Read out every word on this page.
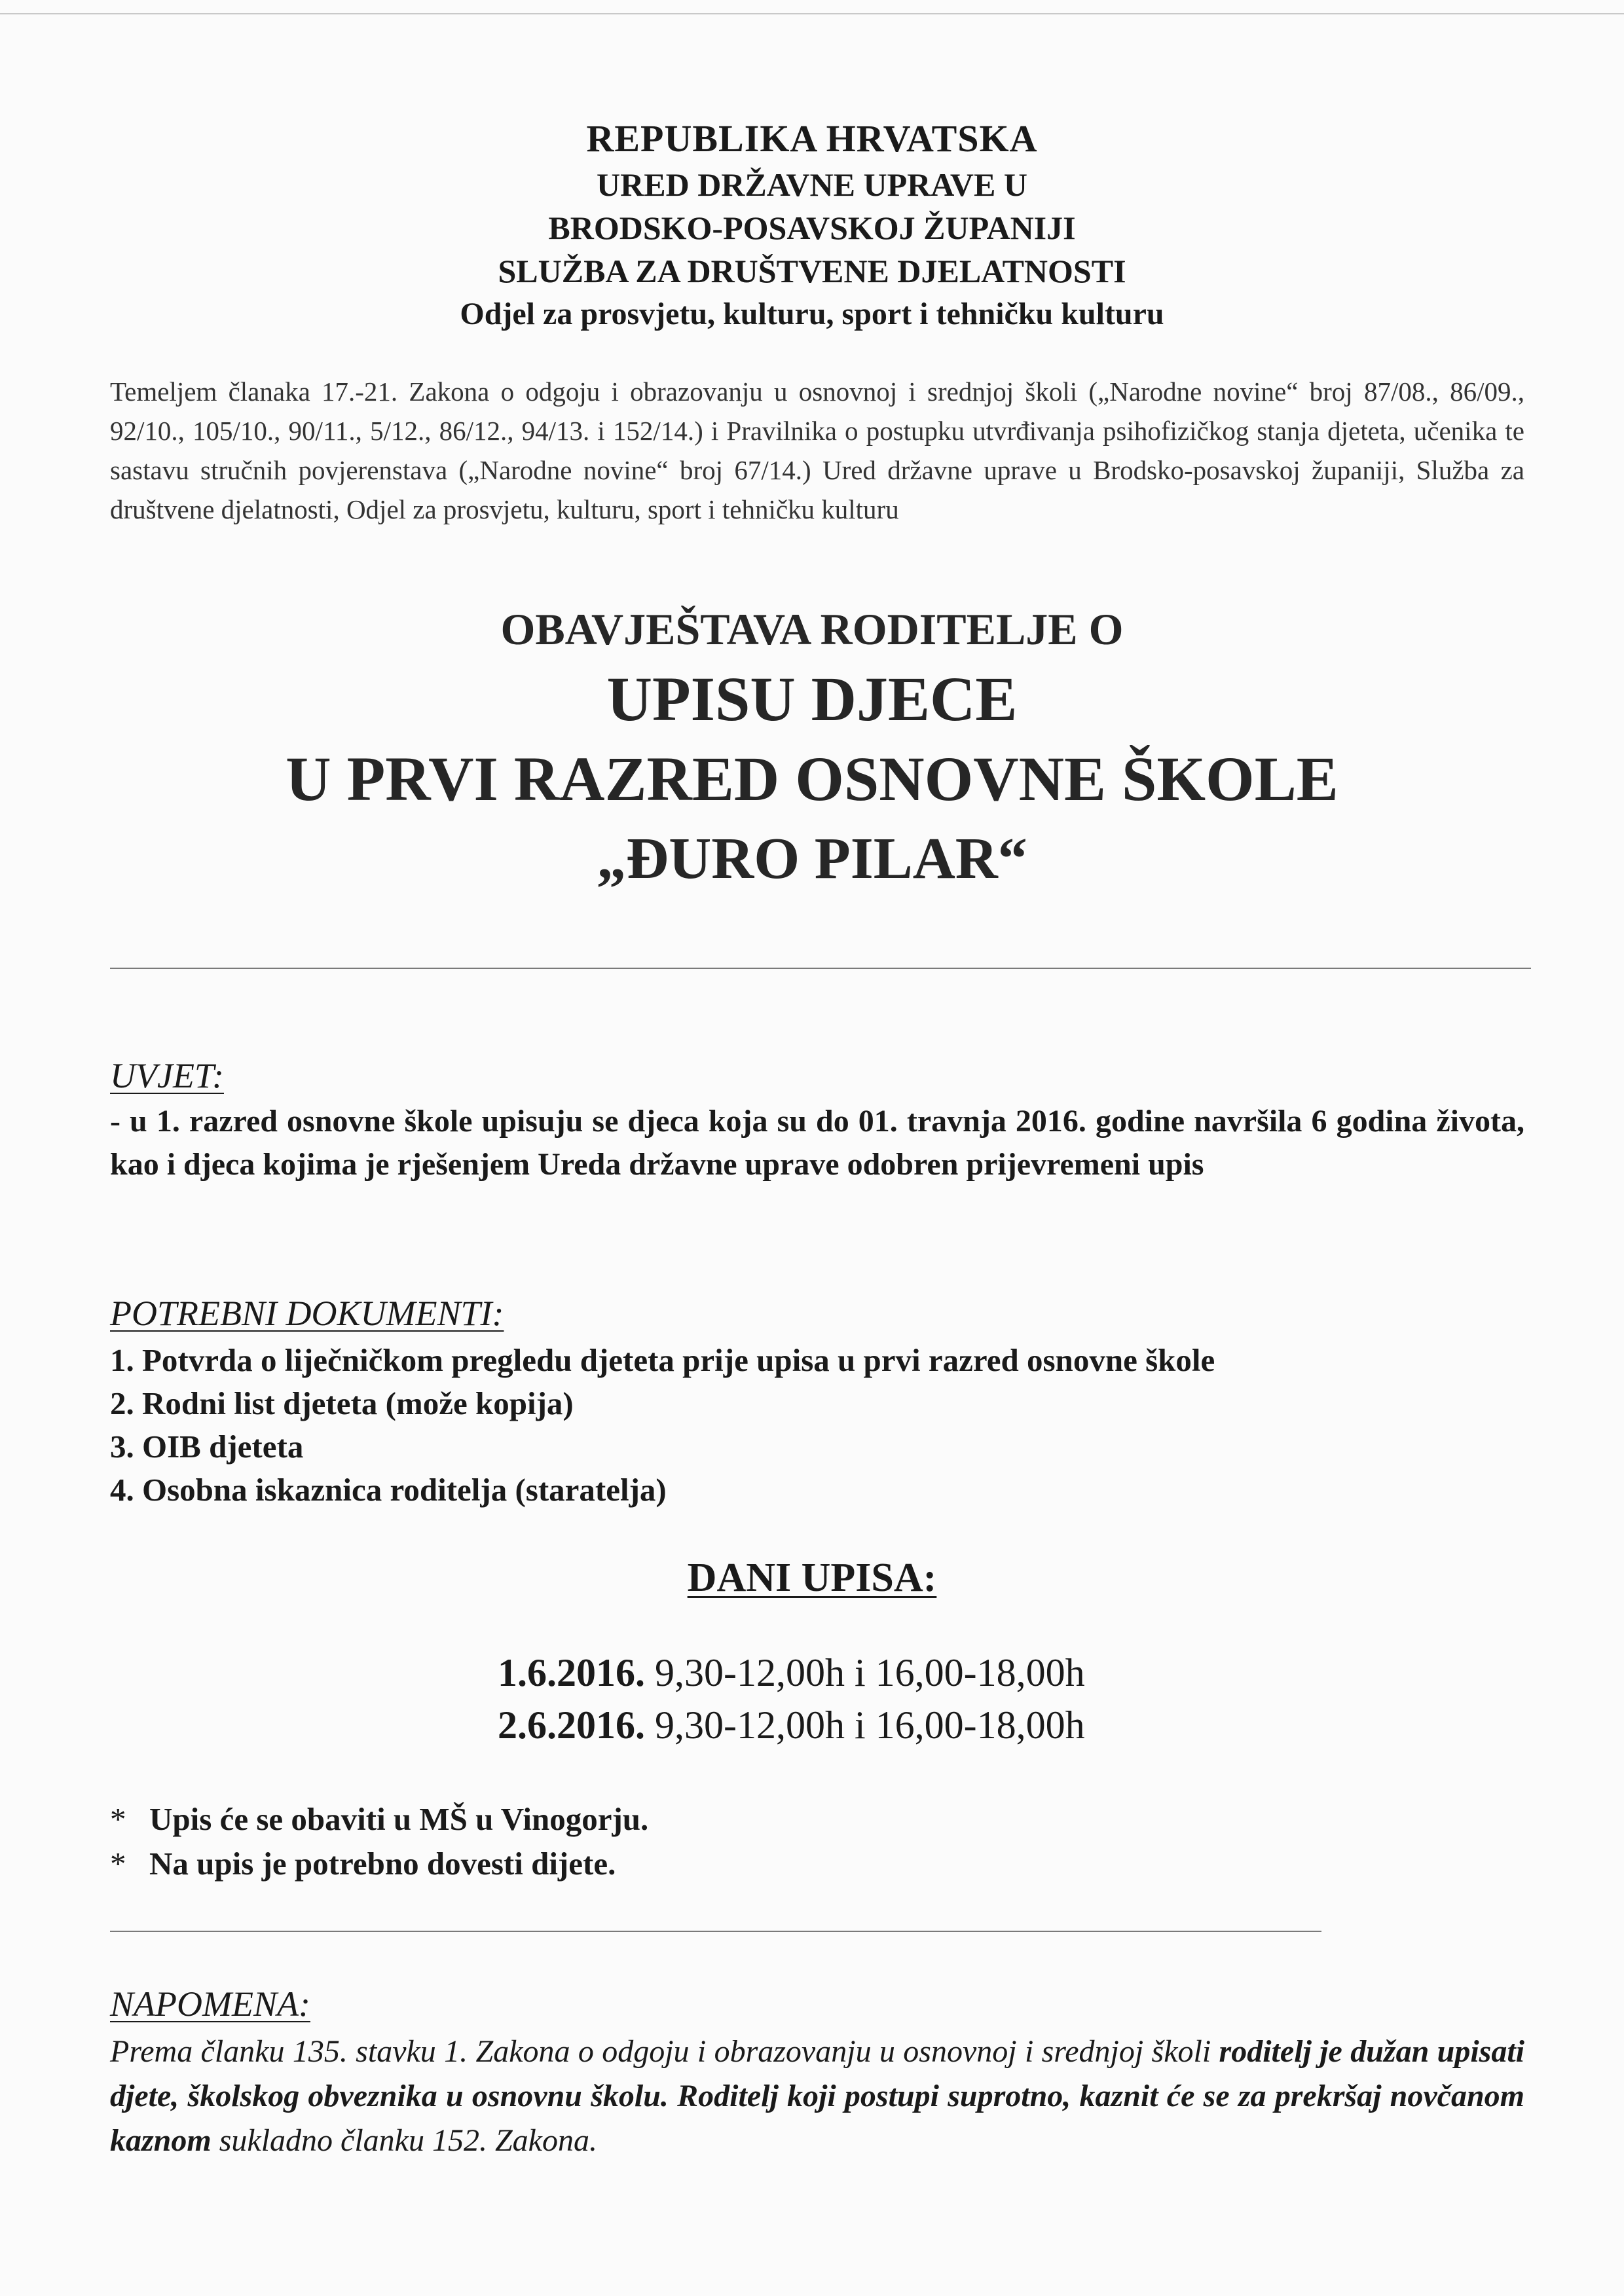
REPUBLIKA HRVATSKA
URED DRŽAVNE UPRAVE U
BRODSKO-POSAVSKOJ ŽUPANIJI
SLUŽBA ZA DRUŠTVENE DJELATNOSTI
Odjel za prosvjetu, kulturu, sport i tehničku kulturu
Temeljem članaka 17.-21. Zakona o odgoju i obrazovanju u osnovnoj i srednjoj školi („Narodne novine“ broj 87/08., 86/09., 92/10., 105/10., 90/11., 5/12., 86/12., 94/13. i 152/14.) i Pravilnika o postupku utvrđivanja psihofizičkog stanja djeteta, učenika te sastavu stručnih povjerenstava („Narodne novine“ broj 67/14.) Ured državne uprave u Brodsko-posavskoj županiji, Služba za društvene djelatnosti, Odjel za prosvjetu, kulturu, sport i tehničku kulturu
OBAVJEŠTAVA RODITELJE O
UPISU DJECE
U PRVI RAZRED OSNOVNE ŠKOLE
„ĐURO PILAR“
UVJET:
- u 1. razred osnovne škole upisuju se djeca koja su do 01. travnja 2016. godine navršila 6 godina života, kao i djeca kojima je rješenjem Ureda državne uprave odobren prijevremeni upis
POTREBNI DOKUMENTI:
1. Potvrda o liječničkom pregledu djeteta prije upisa u prvi razred osnovne škole
2. Rodni list djeteta (može kopija)
3. OIB djeteta
4. Osobna iskaznica roditelja (staratelja)
DANI UPISA:
1.6.2016. 9,30-12,00h i 16,00-18,00h
2.6.2016. 9,30-12,00h i 16,00-18,00h
* Upis će se obaviti u MŠ u Vinogorju.
* Na upis je potrebno dovesti dijete.
NAPOMENA:
Prema članku 135. stavku 1. Zakona o odgoju i obrazovanju u osnovnoj i srednjoj školi roditelj je dužan upisati djete, školskog obveznika u osnovnu školu. Roditelj koji postupi suprotno, kaznit će se za prekršaj novčanom kaznom sukladno članku 152. Zakona.
